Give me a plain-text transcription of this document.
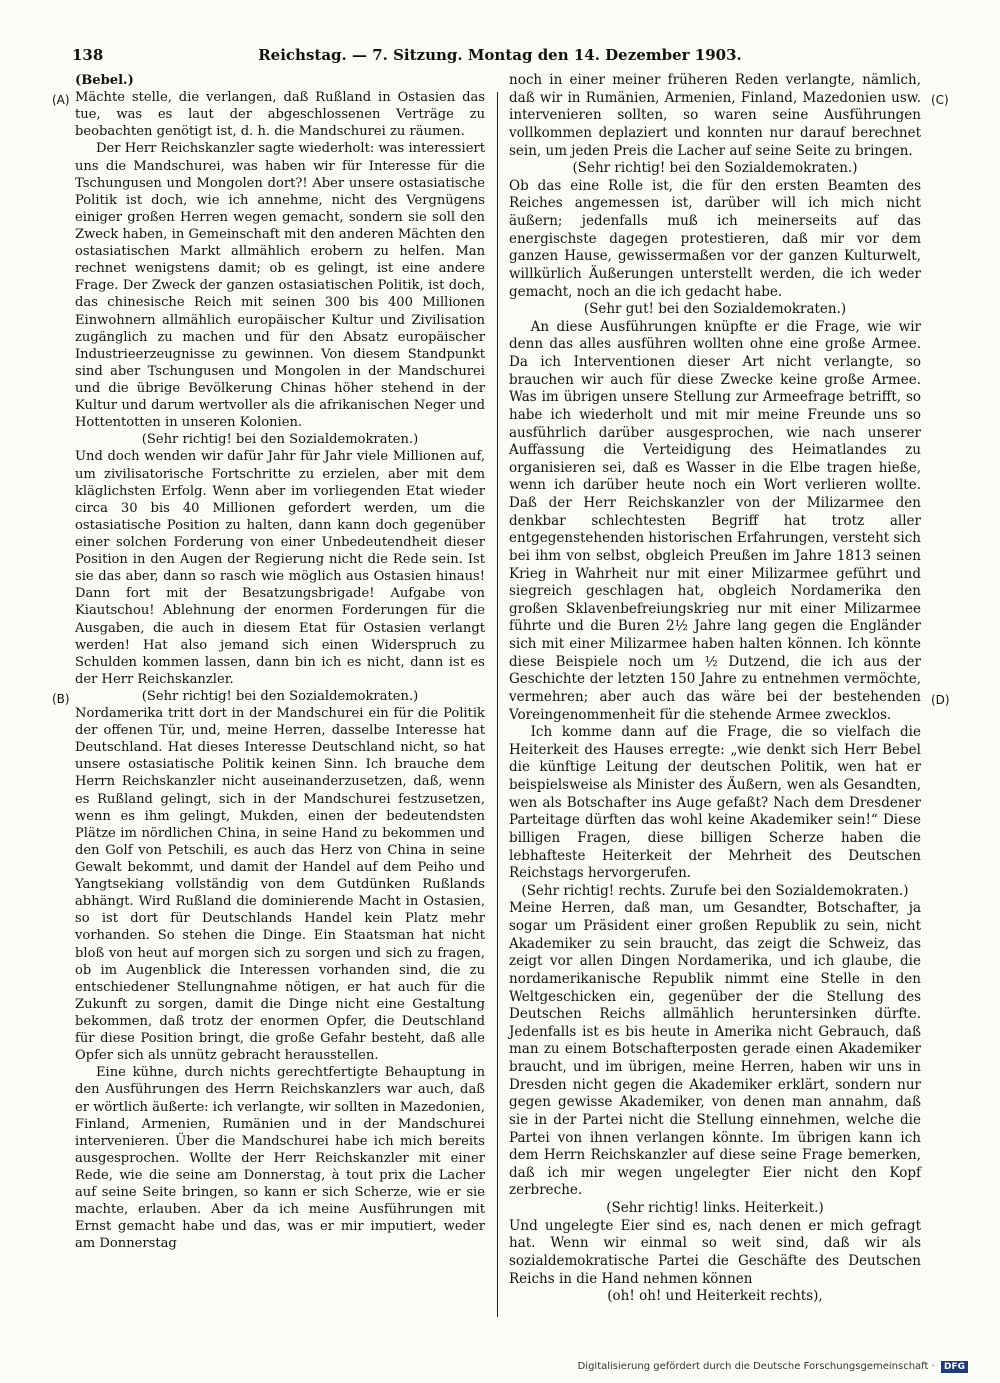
138	Reichstag. — 7. Sitzung. Montag den 14. Dezember 1903.
(A)
(B)
(C)
(D)

(Bebel.)

Mächte stelle, die verlangen, daß Rußland in Ostasien das tue, was es laut der abgeschlossenen Verträge zu beobachten genötigt ist, d. h. die Mandschurei zu räumen.

Der Herr Reichskanzler sagte wiederholt: was interessiert uns die Mandschurei, was haben wir für Interesse für die Tschungusen und Mongolen dort?! Aber unsere ostasiatische Politik ist doch, wie ich annehme, nicht des Vergnügens einiger großen Herren wegen gemacht, sondern sie soll den Zweck haben, in Gemeinschaft mit den anderen Mächten den ostasiatischen Markt allmählich erobern zu helfen. Man rechnet wenigstens damit; ob es gelingt, ist eine andere Frage. Der Zweck der ganzen ostasiatischen Politik, ist doch, das chinesische Reich mit seinen 300 bis 400 Millionen Einwohnern allmählich europäischer Kultur und Zivilisation zugänglich zu machen und für den Absatz europäischer Industrieerzeugnisse zu gewinnen. Von diesem Standpunkt sind aber Tschungusen und Mongolen in der Mandschurei und die übrige Bevölkerung Chinas höher stehend in der Kultur und darum wertvoller als die afrikanischen Neger und Hottentotten in unseren Kolonien.

(Sehr richtig! bei den Sozialdemokraten.)

Und doch wenden wir dafür Jahr für Jahr viele Millionen auf, um zivilisatorische Fortschritte zu erzielen, aber mit dem kläglichsten Erfolg. Wenn aber im vorliegenden Etat wieder circa 30 bis 40 Millionen gefordert werden, um die ostasiatische Position zu halten, dann kann doch gegenüber einer solchen Forderung von einer Unbedeutendheit dieser Position in den Augen der Regierung nicht die Rede sein. Ist sie das aber, dann so rasch wie möglich aus Ostasien hinaus! Dann fort mit der Besatzungsbrigade! Aufgabe von Kiautschou! Ablehnung der enormen Forderungen für die Ausgaben, die auch in diesem Etat für Ostasien verlangt werden! Hat also jemand sich einen Widerspruch zu Schulden kommen lassen, dann bin ich es nicht, dann ist es der Herr Reichskanzler.

(Sehr richtig! bei den Sozialdemokraten.)

Nordamerika tritt dort in der Mandschurei ein für die Politik der offenen Tür, und, meine Herren, dasselbe Interesse hat Deutschland. Hat dieses Interesse Deutschland nicht, so hat unsere ostasiatische Politik keinen Sinn. Ich brauche dem Herrn Reichskanzler nicht auseinanderzusetzen, daß, wenn es Rußland gelingt, sich in der Mandschurei festzusetzen, wenn es ihm gelingt, Mukden, einen der bedeutendsten Plätze im nördlichen China, in seine Hand zu bekommen und den Golf von Petschili, es auch das Herz von China in seine Gewalt bekommt, und damit der Handel auf dem Peiho und Yangtsekiang vollständig von dem Gutdünken Rußlands abhängt. Wird Rußland die dominierende Macht in Ostasien, so ist dort für Deutschlands Handel kein Platz mehr vorhanden. So stehen die Dinge. Ein Staatsman hat nicht bloß von heut auf morgen sich zu sorgen und sich zu fragen, ob im Augenblick die Interessen vorhanden sind, die zu entschiedener Stellungnahme nötigen, er hat auch für die Zukunft zu sorgen, damit die Dinge nicht eine Gestaltung bekommen, daß trotz der enormen Opfer, die Deutschland für diese Position bringt, die große Gefahr besteht, daß alle Opfer sich als unnütz gebracht herausstellen.

Eine kühne, durch nichts gerechtfertigte Behauptung in den Ausführungen des Herrn Reichskanzlers war auch, daß er wörtlich äußerte: ich verlangte, wir sollten in Mazedonien, Finland, Armenien, Rumänien und in der Mandschurei intervenieren. Über die Mandschurei habe ich mich bereits ausgesprochen. Wollte der Herr Reichskanzler mit einer Rede, wie die seine am Donnerstag, à tout prix die Lacher auf seine Seite bringen, so kann er sich Scherze, wie er sie machte, erlauben. Aber da ich meine Ausführungen mit Ernst gemacht habe und das, was er mir imputiert, weder am Donnerstag

noch in einer meiner früheren Reden verlangte, nämlich, daß wir in Rumänien, Armenien, Finland, Mazedonien usw. intervenieren sollten, so waren seine Ausführungen vollkommen deplaziert und konnten nur darauf berechnet sein, um jeden Preis die Lacher auf seine Seite zu bringen.

(Sehr richtig! bei den Sozialdemokraten.)

Ob das eine Rolle ist, die für den ersten Beamten des Reiches angemessen ist, darüber will ich mich nicht äußern; jedenfalls muß ich meinerseits auf das energischste dagegen protestieren, daß mir vor dem ganzen Hause, gewissermaßen vor der ganzen Kulturwelt, willkürlich Äußerungen unterstellt werden, die ich weder gemacht, noch an die ich gedacht habe.

(Sehr gut! bei den Sozialdemokraten.)

An diese Ausführungen knüpfte er die Frage, wie wir denn das alles ausführen wollten ohne eine große Armee. Da ich Interventionen dieser Art nicht verlangte, so brauchen wir auch für diese Zwecke keine große Armee. Was im übrigen unsere Stellung zur Armeefrage betrifft, so habe ich wiederholt und mit mir meine Freunde uns so ausführlich darüber ausgesprochen, wie nach unserer Auffassung die Verteidigung des Heimatlandes zu organisieren sei, daß es Wasser in die Elbe tragen hieße, wenn ich darüber heute noch ein Wort verlieren wollte. Daß der Herr Reichskanzler von der Milizarmee den denkbar schlechtesten Begriff hat trotz aller entgegenstehenden historischen Erfahrungen, versteht sich bei ihm von selbst, obgleich Preußen im Jahre 1813 seinen Krieg in Wahrheit nur mit einer Milizarmee geführt und siegreich geschlagen hat, obgleich Nordamerika den großen Sklavenbefreiungskrieg nur mit einer Milizarmee führte und die Buren 2½ Jahre lang gegen die Engländer sich mit einer Milizarmee haben halten können. Ich könnte diese Beispiele noch um ½ Dutzend, die ich aus der Geschichte der letzten 150 Jahre zu entnehmen vermöchte, vermehren; aber auch das wäre bei der bestehenden Voreingenommenheit für die stehende Armee zwecklos.

Ich komme dann auf die Frage, die so vielfach die Heiterkeit des Hauses erregte: „wie denkt sich Herr Bebel die künftige Leitung der deutschen Politik, wen hat er beispielsweise als Minister des Äußern, wen als Gesandten, wen als Botschafter ins Auge gefaßt? Nach dem Dresdener Parteitage dürften das wohl keine Akademiker sein!“ Diese billigen Fragen, diese billigen Scherze haben die lebhafteste Heiterkeit der Mehrheit des Deutschen Reichstags hervorgerufen.

(Sehr richtig! rechts. Zurufe bei den Sozialdemokraten.)

Meine Herren, daß man, um Gesandter, Botschafter, ja sogar um Präsident einer großen Republik zu sein, nicht Akademiker zu sein braucht, das zeigt die Schweiz, das zeigt vor allen Dingen Nordamerika, und ich glaube, die nordamerikanische Republik nimmt eine Stelle in den Weltgeschicken ein, gegenüber der die Stellung des Deutschen Reichs allmählich heruntersinken dürfte. Jedenfalls ist es bis heute in Amerika nicht Gebrauch, daß man zu einem Botschafterposten gerade einen Akademiker braucht, und im übrigen, meine Herren, haben wir uns in Dresden nicht gegen die Akademiker erklärt, sondern nur gegen gewisse Akademiker, von denen man annahm, daß sie in der Partei nicht die Stellung einnehmen, welche die Partei von ihnen verlangen könnte. Im übrigen kann ich dem Herrn Reichskanzler auf diese seine Frage bemerken, daß ich mir wegen ungelegter Eier nicht den Kopf zerbreche.

(Sehr richtig! links. Heiterkeit.)

Und ungelegte Eier sind es, nach denen er mich gefragt hat. Wenn wir einmal so weit sind, daß wir als sozialdemokratische Partei die Geschäfte des Deutschen Reichs in die Hand nehmen können

(oh! oh! und Heiterkeit rechts),

Digitalisierung gefördert durch die Deutsche Forschungsgemeinschaft · DFG
